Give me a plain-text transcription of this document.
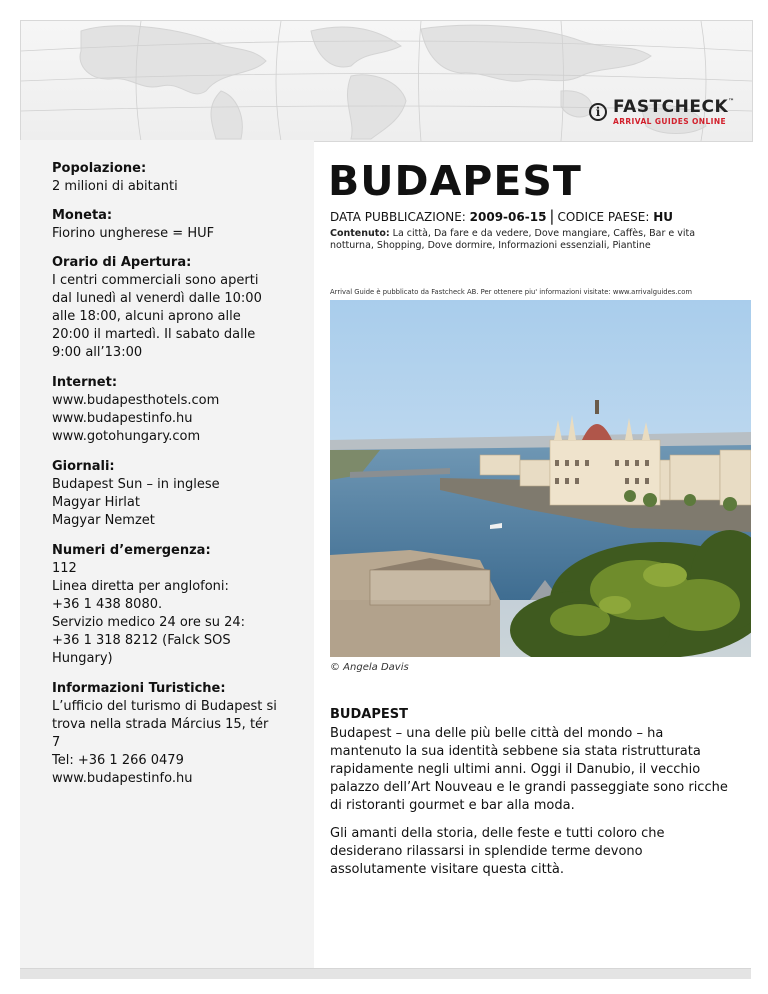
i FASTCHECK™
ARRIVAL GUIDES ONLINE
Popolazione:
2 milioni di abitanti
Moneta:
Fiorino ungherese = HUF
Orario di Apertura:
I centri commerciali sono aperti
dal lunedì al venerdì dalle 10:00
alle 18:00, alcuni aprono alle
20:00 il martedì. Il sabato dalle
9:00 all’13:00
Internet:
www.budapesthotels.com
www.budapestinfo.hu
www.gotohungary.com
Giornali:
Budapest Sun – in inglese
Magyar Hirlat
Magyar Nemzet
Numeri d’emergenza:
112
Linea diretta per anglofoni:
+36 1 438 8080.
Servizio medico 24 ore su 24:
+36 1 318 8212 (Falck SOS
Hungary)
Informazioni Turistiche:
L’ufficio del turismo di Budapest si
trova nella strada Március 15, tér
7
Tel: +36 1 266 0479
www.budapestinfo.hu
BUDAPEST
DATA PUBBLICAZIONE: 2009-06-15 | CODICE PAESE: HU
Contenuto: La città, Da fare e da vedere, Dove mangiare, Caffès, Bar e vita notturna, Shopping, Dove dormire, Informazioni essenziali, Piantine
Arrival Guide è pubblicato da Fastcheck AB. Per ottenere piu' informazioni visitate: www.arrivalguides.com
© Angela Davis
BUDAPEST
Budapest – una delle più belle città del mondo – ha
mantenuto la sua identità sebbene sia stata ristrutturata
rapidamente negli ultimi anni. Oggi il Danubio, il vecchio
palazzo dell’Art Nouveau e le grandi passeggiate sono ricche
di ristoranti gourmet e bar alla moda.
Gli amanti della storia, delle feste e tutti coloro che
desiderano rilassarsi in splendide terme devono
assolutamente visitare questa città.
